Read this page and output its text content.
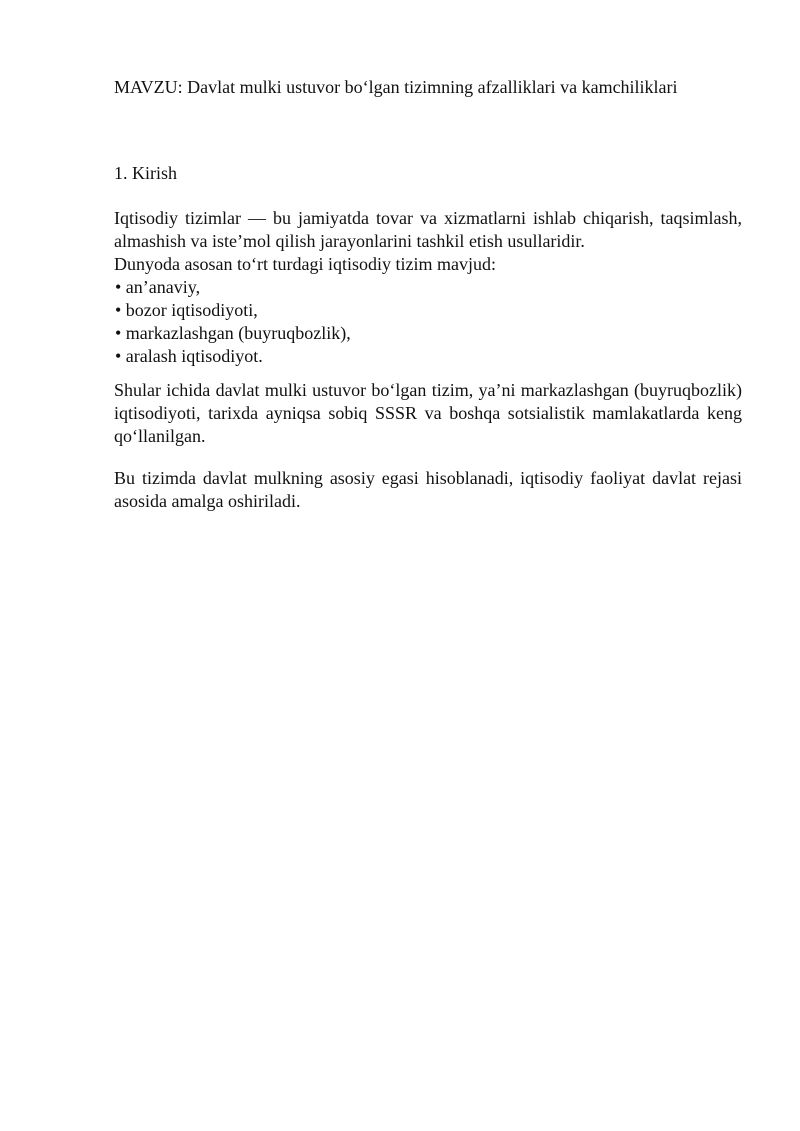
MAVZU: Davlat mulki ustuvor bo‘lgan tizimning afzalliklari va kamchiliklari
1. Kirish

Iqtisodiy tizimlar — bu jamiyatda tovar va xizmatlarni ishlab chiqarish, taqsimlash, almashish va iste’mol qilish jarayonlarini tashkil etish usullaridir.

Dunyoda asosan to‘rt turdagi iqtisodiy tizim mavjud:

• an’anaviy,
• bozor iqtisodiyoti,
• markazlashgan (buyruqbozlik),
• aralash iqtisodiyot.

Shular ichida davlat mulki ustuvor bo‘lgan tizim, ya’ni markazlashgan (buyruqbozlik) iqtisodiyoti, tarixda ayniqsa sobiq SSSR va boshqa sotsialistik mamlakatlarda keng qo‘llanilgan.

Bu tizimda davlat mulkning asosiy egasi hisoblanadi, iqtisodiy faoliyat davlat rejasi asosida amalga oshiriladi.
